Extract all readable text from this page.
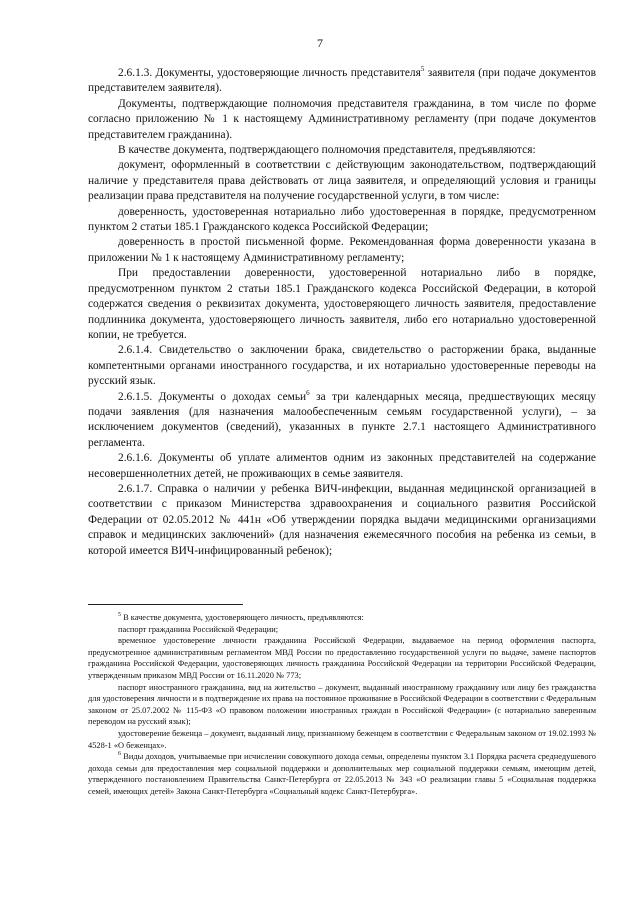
7

2.6.1.3. Документы, удостоверяющие личность представителя$^5$ заявителя (при подаче документов представителем заявителя).

Документы, подтверждающие полномочия представителя гражданина, в том числе по форме согласно приложению № 1 к настоящему Административному регламенту (при подаче документов представителем гражданина).

В качестве документа, подтверждающего полномочия представителя, предъявляются:

документ, оформленный в соответствии с действующим законодательством, подтверждающий наличие у представителя права действовать от лица заявителя, и определяющий условия и границы реализации права представителя на получение государственной услуги, в том числе:

доверенность, удостоверенная нотариально либо удостоверенная в порядке, предусмотренном пунктом 2 статьи 185.1 Гражданского кодекса Российской Федерации;

доверенность в простой письменной форме. Рекомендованная форма доверенности указана в приложении № 1 к настоящему Административному регламенту;

При предоставлении доверенности, удостоверенной нотариально либо в порядке, предусмотренном пунктом 2 статьи 185.1 Гражданского кодекса Российской Федерации, в которой содержатся сведения о реквизитах документа, удостоверяющего личность заявителя, предоставление подлинника документа, удостоверяющего личность заявителя, либо его нотариально удостоверенной копии, не требуется.

2.6.1.4. Свидетельство о заключении брака, свидетельство о расторжении брака, выданные компетентными органами иностранного государства, и их нотариально удостоверенные переводы на русский язык.

2.6.1.5. Документы о доходах семьи$^6$ за три календарных месяца, предшествующих месяцу подачи заявления (для назначения малообеспеченным семьям государственной услуги), – за исключением документов (сведений), указанных в пункте 2.7.1 настоящего Административного регламента.

2.6.1.6. Документы об уплате алиментов одним из законных представителей на содержание несовершеннолетних детей, не проживающих в семье заявителя.

2.6.1.7. Справка о наличии у ребенка ВИЧ-инфекции, выданная медицинской организацией в соответствии с приказом Министерства здравоохранения и социального развития Российской Федерации от 02.05.2012 № 441н «Об утверждении порядка выдачи медицинскими организациями справок и медицинских заключений» (для назначения ежемесячного пособия на ребенка из семьи, в которой имеется ВИЧ-инфицированный ребенок);

$^5$ В качестве документа, удостоверяющего личность, предъявляются:

паспорт гражданина Российской Федерации;

временное удостоверение личности гражданина Российской Федерации, выдаваемое на период оформления паспорта, предусмотренное административным регламентом МВД России по предоставлению государственной услуги по выдаче, замене паспортов гражданина Российской Федерации, удостоверяющих личность гражданина Российской Федерации на территории Российской Федерации, утвержденным приказом МВД России от 16.11.2020 № 773;

паспорт иностранного гражданина, вид на жительство – документ, выданный иностранному гражданину или лицу без гражданства для удостоверения личности и в подтверждение их права на постоянное проживание в Российской Федерации в соответствии с Федеральным законом от 25.07.2002 № 115-ФЗ «О правовом положении иностранных граждан в Российской Федерации» (с нотариально заверенным переводом на русский язык);

удостоверение беженца – документ, выданный лицу, признанному беженцем в соответствии с Федеральным законом от 19.02.1993 № 4528-1 «О беженцах».

$^6$ Виды доходов, учитываемые при исчислении совокупного дохода семьи, определены пунктом 3.1 Порядка расчета среднедушевого дохода семьи для предоставления мер социальной поддержки и дополнительных мер социальной поддержки семьям, имеющим детей, утвержденного постановлением Правительства Санкт-Петербурга от 22.05.2013 № 343 «О реализации главы 5 «Социальная поддержка семей, имеющих детей» Закона Санкт-Петербурга «Социальный кодекс Санкт-Петербурга».
